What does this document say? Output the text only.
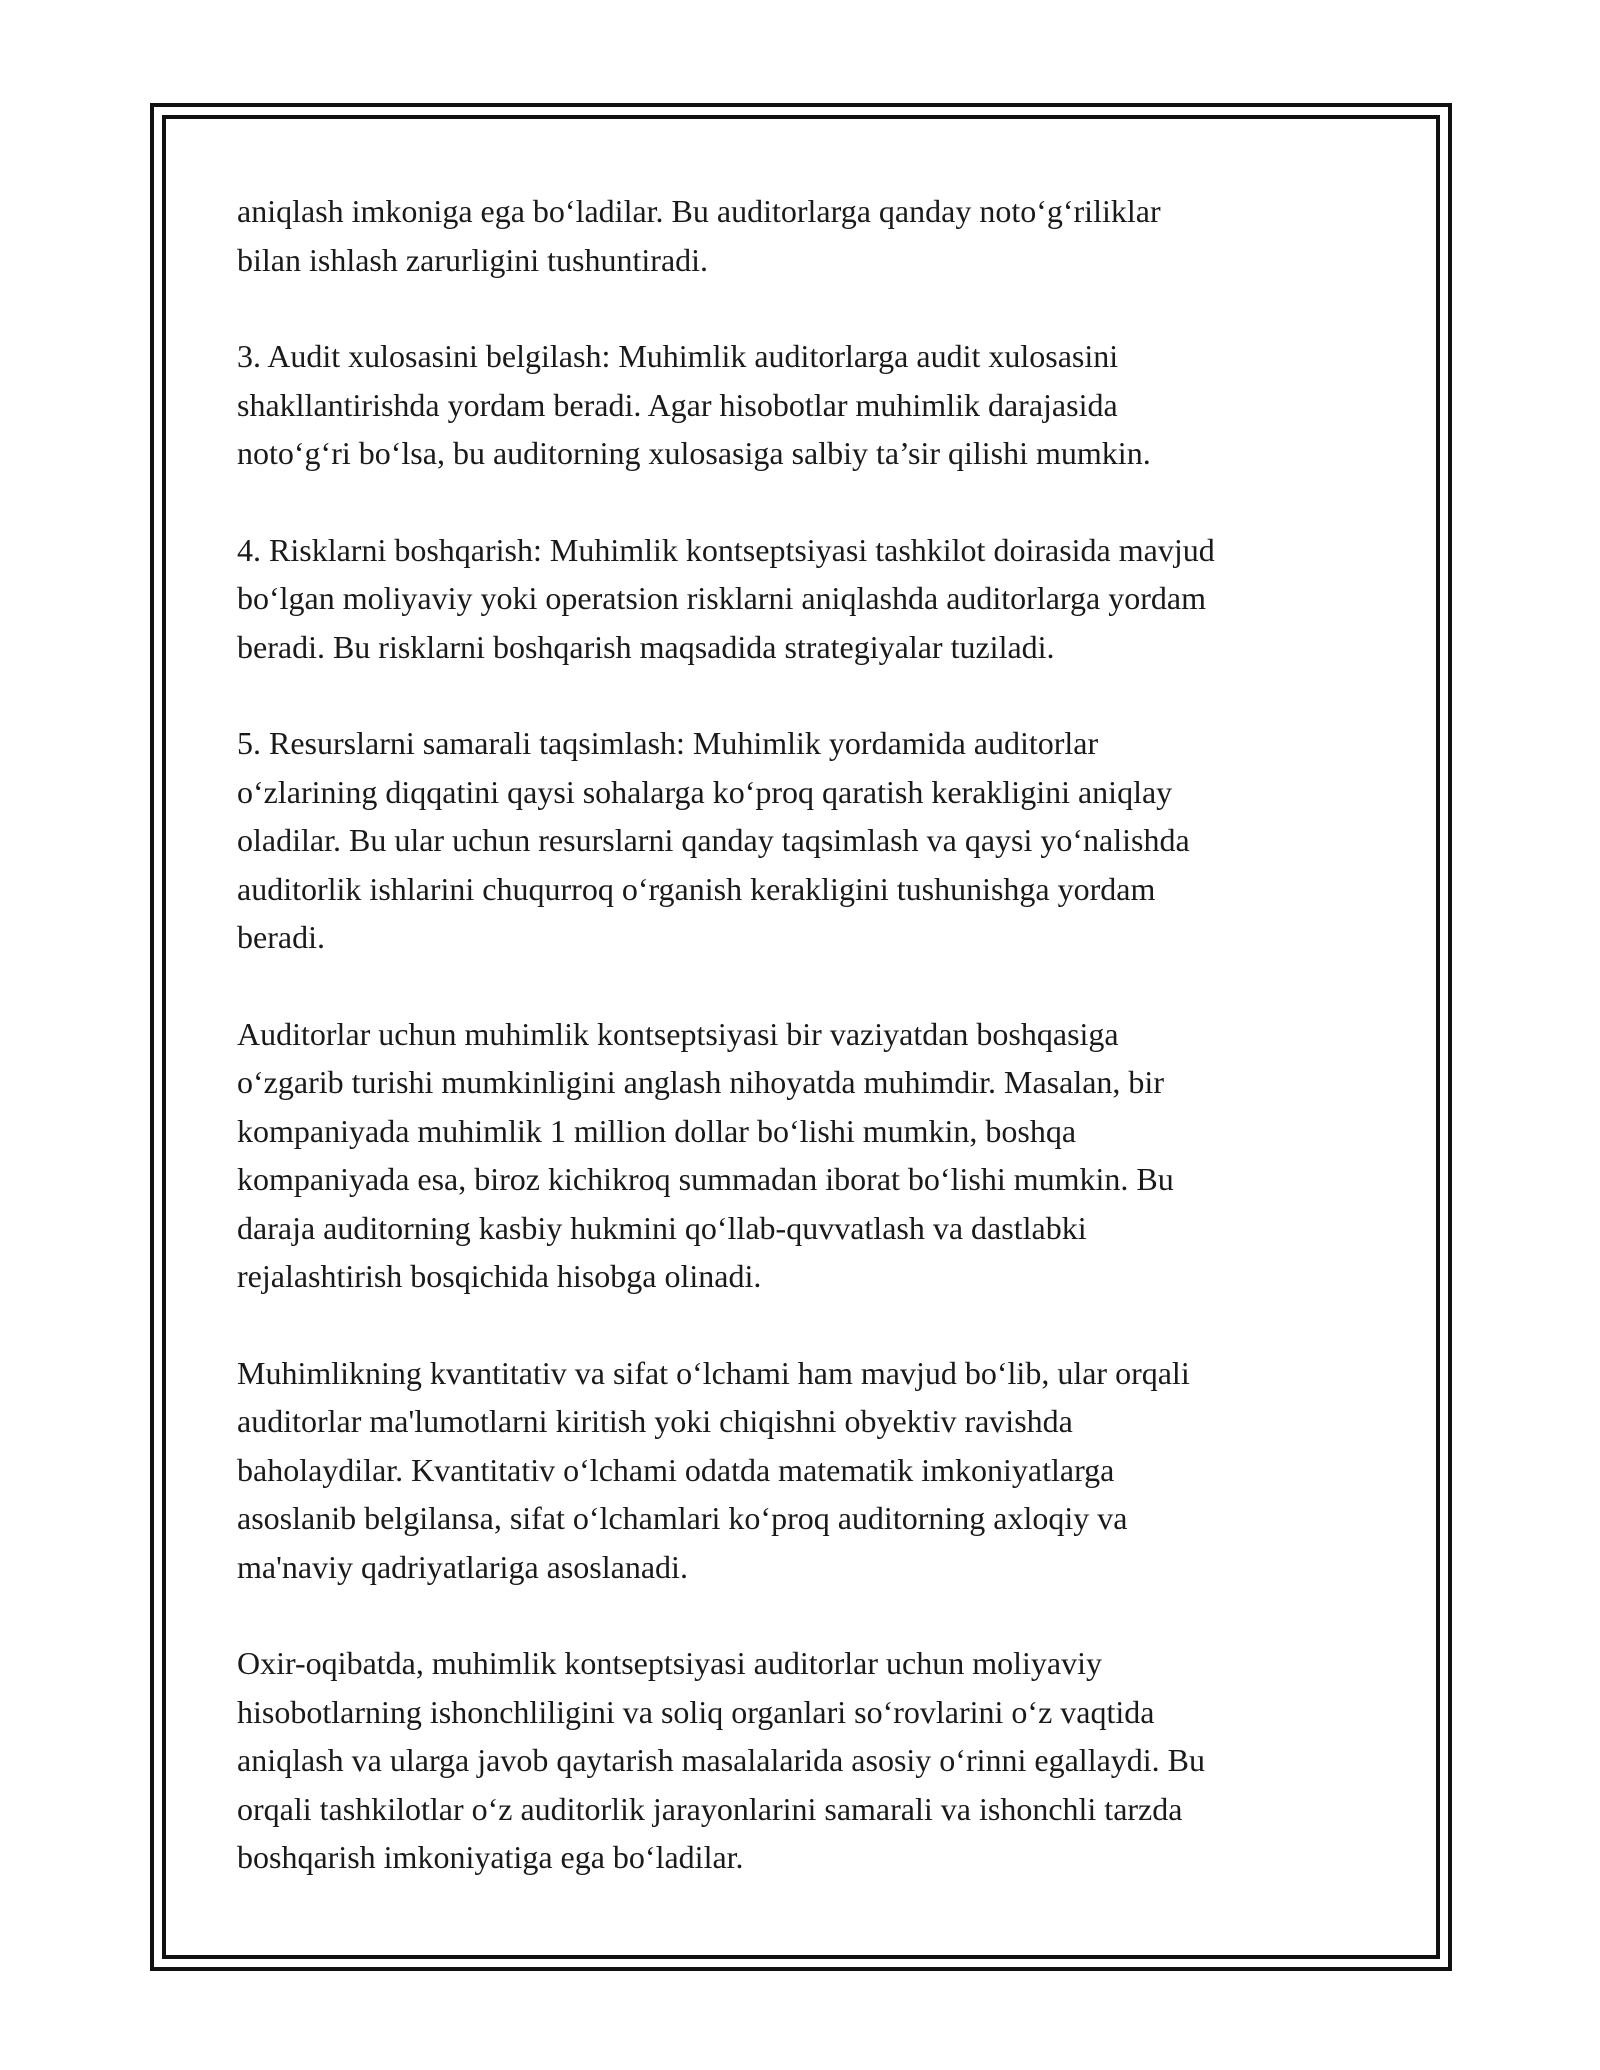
aniqlash imkoniga ega bo‘ladilar. Bu auditorlarga qanday noto‘g‘riliklar
bilan ishlash zarurligini tushuntiradi.

3. Audit xulosasini belgilash: Muhimlik auditorlarga audit xulosasini
shakllantirishda yordam beradi. Agar hisobotlar muhimlik darajasida
noto‘g‘ri bo‘lsa, bu auditorning xulosasiga salbiy ta’sir qilishi mumkin.

4. Risklarni boshqarish: Muhimlik kontseptsiyasi tashkilot doirasida mavjud
bo‘lgan moliyaviy yoki operatsion risklarni aniqlashda auditorlarga yordam
beradi. Bu risklarni boshqarish maqsadida strategiyalar tuziladi.

5. Resurslarni samarali taqsimlash: Muhimlik yordamida auditorlar
o‘zlarining diqqatini qaysi sohalarga ko‘proq qaratish kerakligini aniqlay
oladilar. Bu ular uchun resurslarni qanday taqsimlash va qaysi yo‘nalishda
auditorlik ishlarini chuqurroq o‘rganish kerakligini tushunishga yordam
beradi.

Auditorlar uchun muhimlik kontseptsiyasi bir vaziyatdan boshqasiga
o‘zgarib turishi mumkinligini anglash nihoyatda muhimdir. Masalan, bir
kompaniyada muhimlik 1 million dollar bo‘lishi mumkin, boshqa
kompaniyada esa, biroz kichikroq summadan iborat bo‘lishi mumkin. Bu
daraja auditorning kasbiy hukmini qo‘llab-quvvatlash va dastlabki
rejalashtirish bosqichida hisobga olinadi.

Muhimlikning kvantitativ va sifat o‘lchami ham mavjud bo‘lib, ular orqali
auditorlar ma'lumotlarni kiritish yoki chiqishni obyektiv ravishda
baholaydilar. Kvantitativ o‘lchami odatda matematik imkoniyatlarga
asoslanib belgilansa, sifat o‘lchamlari ko‘proq auditorning axloqiy va
ma'naviy qadriyatlariga asoslanadi.

Oxir-oqibatda, muhimlik kontseptsiyasi auditorlar uchun moliyaviy
hisobotlarning ishonchliligini va soliq organlari so‘rovlarini o‘z vaqtida
aniqlash va ularga javob qaytarish masalalarida asosiy o‘rinni egallaydi. Bu
orqali tashkilotlar o‘z auditorlik jarayonlarini samarali va ishonchli tarzda
boshqarish imkoniyatiga ega bo‘ladilar.
